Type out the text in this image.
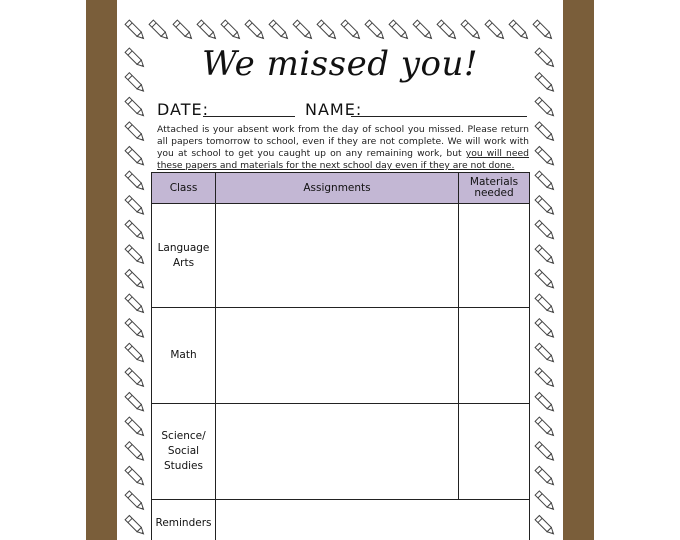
We missed you!
DATE:	NAME:
Attached is your absent work from the day of school you missed. Please return all papers tomorrow to school, even if they are not complete. We will work with you at school to get you caught up on any remaining work, but you will need these papers and materials for the next school day even if they are not done.
Class	Assignments	Materials needed

Language Arts		

Math		

Science/ Social Studies		

Reminders		
